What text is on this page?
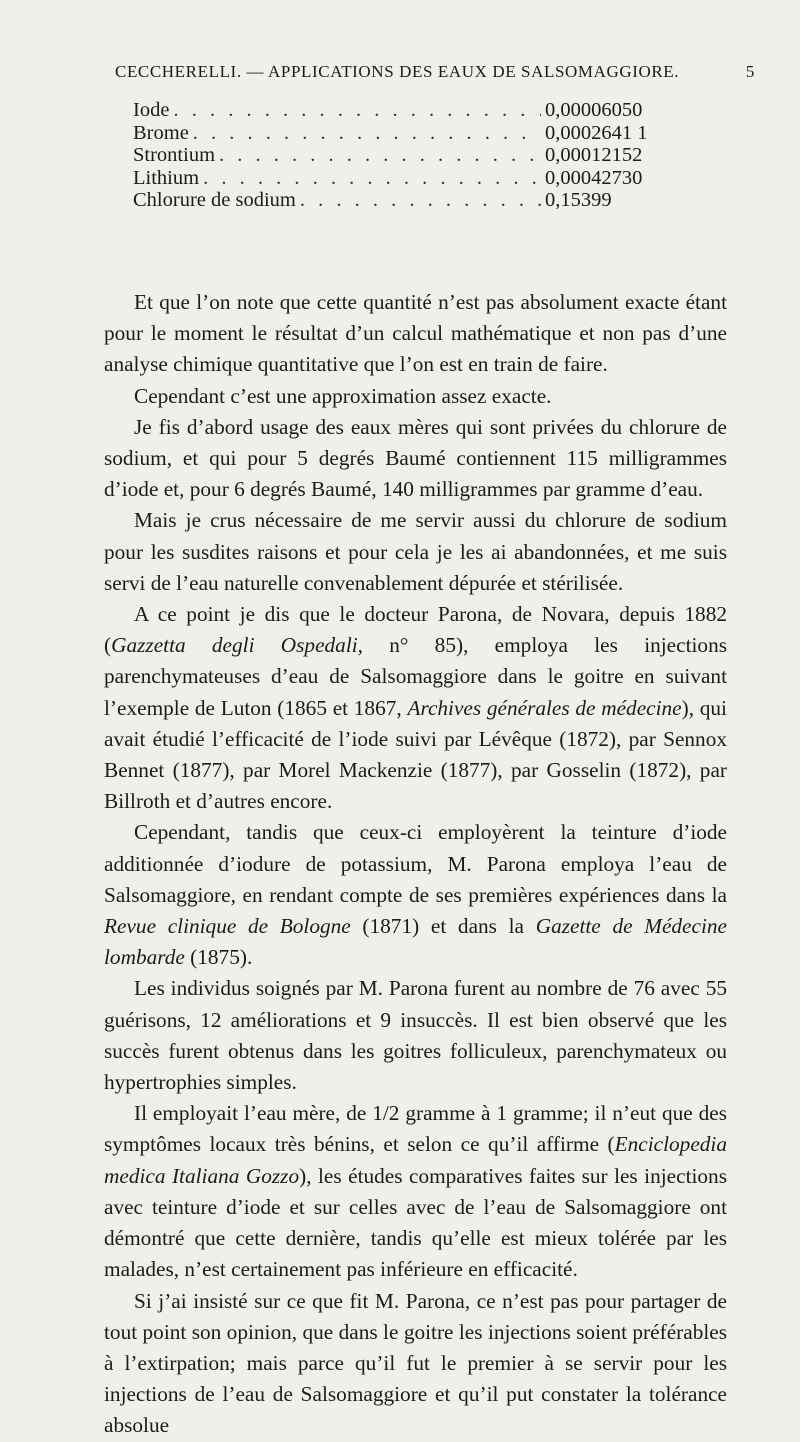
CECCHERELLI. — APPLICATIONS DES EAUX DE SALSOMAGGIORE.	5
Iode . . .	0,00006050
Brome . . .	0,0002641 1
Strontium . . .	0,00012152
Lithium . . .	0,00042730
Chlorure de sodium . . .	0,15399

Et que l’on note que cette quantité n’est pas absolument exacte étant pour le moment le résultat d’un calcul mathématique et non pas d’une analyse chimique quantitative que l’on est en train de faire.

Cependant c’est une approximation assez exacte.

Je fis d’abord usage des eaux mères qui sont privées du chlorure de sodium, et qui pour 5 degrés Baumé contiennent 115 milligrammes d’iode et, pour 6 degrés Baumé, 140 milligrammes par gramme d’eau.

Mais je crus nécessaire de me servir aussi du chlorure de sodium pour les susdites raisons et pour cela je les ai abandonnées, et me suis servi de l’eau naturelle convenablement dépurée et stérilisée.

A ce point je dis que le docteur Parona, de Novara, depuis 1882 (Gazzetta degli Ospedali, n° 85), employa les injections parenchymateuses d’eau de Salsomaggiore dans le goitre en suivant l’exemple de Luton (1865 et 1867, Archives générales de médecine), qui avait étudié l’efficacité de l’iode suivi par Lévêque (1872), par Sennox Bennet (1877), par Morel Mackenzie (1877), par Gosselin (1872), par Billroth et d’autres encore.

Cependant, tandis que ceux-ci employèrent la teinture d’iode additionnée d’iodure de potassium, M. Parona employa l’eau de Salsomaggiore, en rendant compte de ses premières expériences dans la Revue clinique de Bologne (1871) et dans la Gazette de Médecine lombarde (1875).

Les individus soignés par M. Parona furent au nombre de 76 avec 55 guérisons, 12 améliorations et 9 insuccès. Il est bien observé que les succès furent obtenus dans les goitres folliculeux, parenchymateux ou hypertrophies simples.

Il employait l’eau mère, de 1/2 gramme à 1 gramme; il n’eut que des symptômes locaux très bénins, et selon ce qu’il affirme (Enciclopedia medica Italiana Gozzo), les études comparatives faites sur les injections avec teinture d’iode et sur celles avec de l’eau de Salsomaggiore ont démontré que cette dernière, tandis qu’elle est mieux tolérée par les malades, n’est certainement pas inférieure en efficacité.

Si j’ai insisté sur ce que fit M. Parona, ce n’est pas pour partager de tout point son opinion, que dans le goitre les injections soient préférables à l’extirpation; mais parce qu’il fut le premier à se servir pour les injections de l’eau de Salsomaggiore et qu’il put constater la tolérance absolue
